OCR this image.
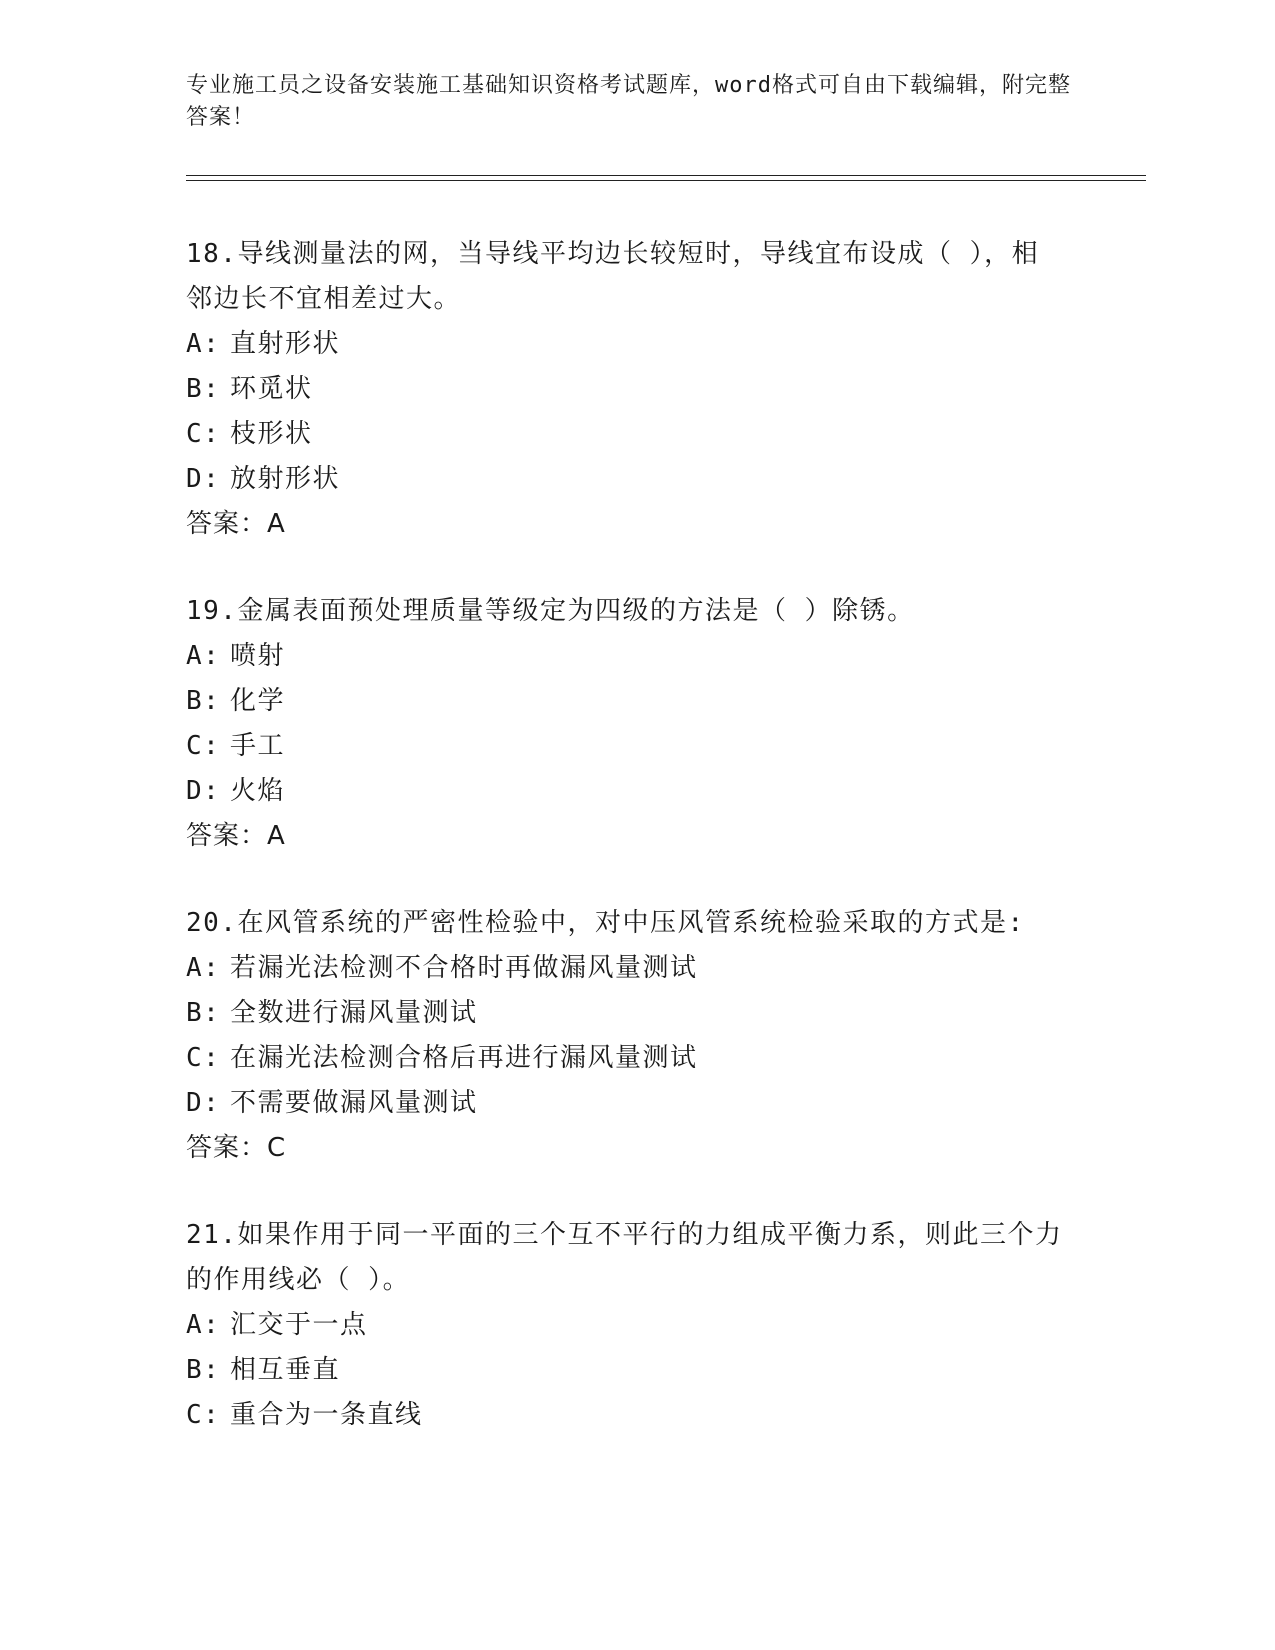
专业施工员之设备安装施工基础知识资格考试题库，word格式可自由下载编辑，附完整答案！
18.导线测量法的网，当导线平均边长较短时，导线宜布设成（ ），相邻边长不宜相差过大。
A: 直射形状
B: 环觅状
C: 枝形状
D: 放射形状
答案：A
19.金属表面预处理质量等级定为四级的方法是（ ）除锈。
A: 喷射
B: 化学
C: 手工
D: 火焰
答案：A
20.在风管系统的严密性检验中，对中压风管系统检验采取的方式是:
A: 若漏光法检测不合格时再做漏风量测试
B: 全数进行漏风量测试
C: 在漏光法检测合格后再进行漏风量测试
D: 不需要做漏风量测试
答案：C
21.如果作用于同一平面的三个互不平行的力组成平衡力系，则此三个力的作用线必（ ）。
A: 汇交于一点
B: 相互垂直
C: 重合为一条直线
